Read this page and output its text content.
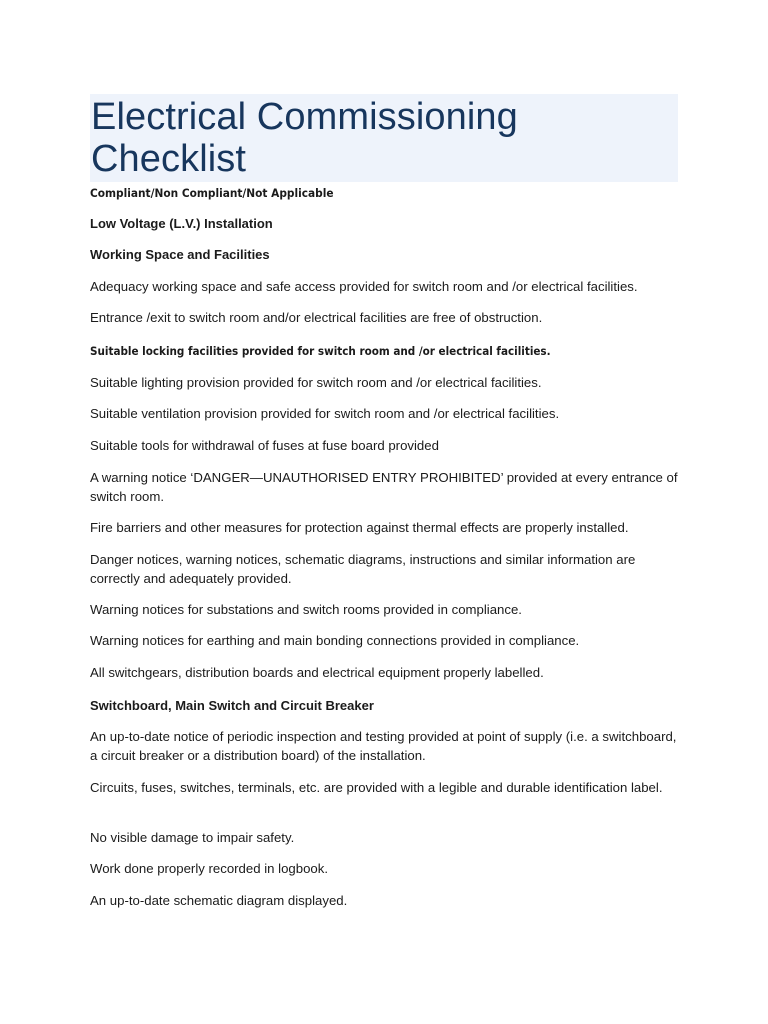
Electrical Commissioning Checklist
Compliant/Non Compliant/Not Applicable
Low Voltage (L.V.) Installation
Working Space and Facilities
Adequacy working space and safe access provided for switch room and /or electrical facilities.
Entrance /exit to switch room and/or electrical facilities are free of obstruction.
Suitable locking facilities provided for switch room and /or electrical facilities.
Suitable lighting provision provided for switch room and /or electrical facilities.
Suitable ventilation provision provided for switch room and /or electrical facilities.
Suitable tools for withdrawal of fuses at fuse board provided
A warning notice ‘DANGER—UNAUTHORISED ENTRY PROHIBITED’ provided at every entrance of switch room.
Fire barriers and other measures for protection against thermal effects are properly installed.
Danger notices, warning notices, schematic diagrams, instructions and similar information are correctly and adequately provided.
Warning notices for substations and switch rooms provided in compliance.
Warning notices for earthing and main bonding connections provided in compliance.
All switchgears, distribution boards and electrical equipment properly labelled.
Switchboard, Main Switch and Circuit Breaker
An up-to-date notice of periodic inspection and testing provided at point of supply (i.e. a switchboard, a circuit breaker or a distribution board) of the installation.
Circuits, fuses, switches, terminals, etc. are provided with a legible and durable identification label.
No visible damage to impair safety.
Work done properly recorded in logbook.
An up-to-date schematic diagram displayed.
